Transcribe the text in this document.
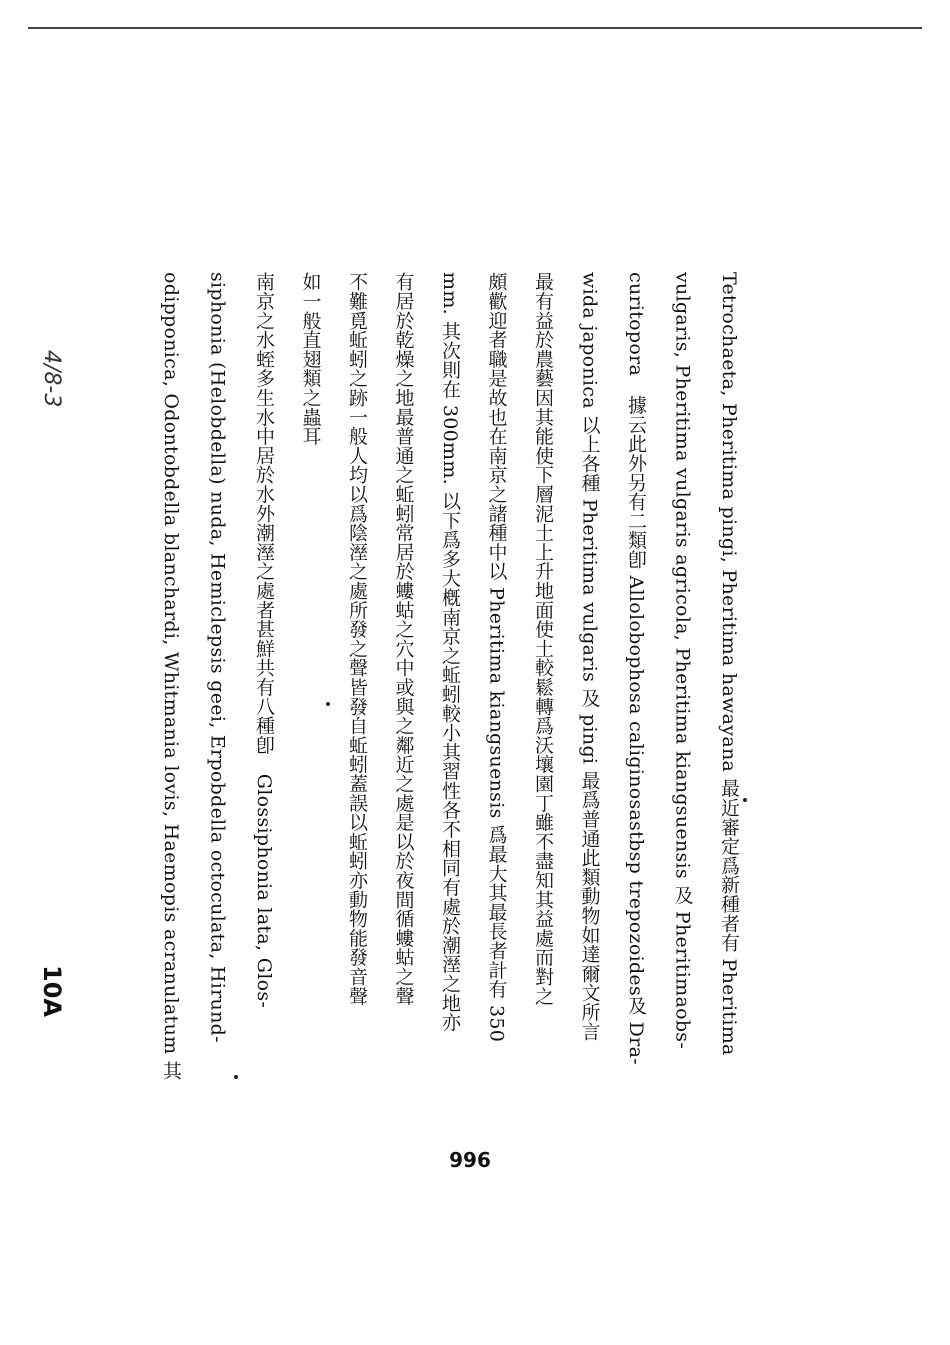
4/8-3
10A	Tetrochaeta, Pheritima pingi, Pheritima hawayana 最近審定爲新種者有 Pheritima
vulgaris, Pheritima vulgaris agricola, Pheritima kiangsuensis 及 Pheritimaobs-
curitopora　據云此外另有二類卽 Allolobophosa caliginosastbsp trepozoides及 Dra-
wida japonica 以上各種 Pheritima vulgaris 及 pingi 最爲普通此類動物如達爾文所言
最有益於農藝因其能使下層泥土上升地面使土較鬆轉爲沃壤園丁雖不盡知其益處而對之
頗歡迎者職是故也在南京之諸種中以 Pheritima kiangsuensis 爲最大其最長者計有 350
mm. 其次則在 300mm. 以下爲多大槪南京之蚯蚓較小其習性各不相同有處於潮溼之地亦
有居於乾燥之地最普通之蚯蚓常居於螻蛄之穴中或與之鄰近之處是以於夜間循螻蛄之聲
不難覓蚯蚓之跡一般人均以爲陰溼之處所發之聲皆發自蚯蚓蓋誤以蚯蚓亦動物能發音聲
如一般直翅類之蟲耳
南京之水蛭多生水中居於水外潮溼之處者甚鮮共有八種卽　Glossiphonia lata, Glos-
siphonia (Helobdella) nuda, Hemiclepsis geei, Erpobdella octoculata, Hirund-
odipponica, Odontobdella blanchardi, Whitmania lovis, Haemopis acranulatum 其
996
